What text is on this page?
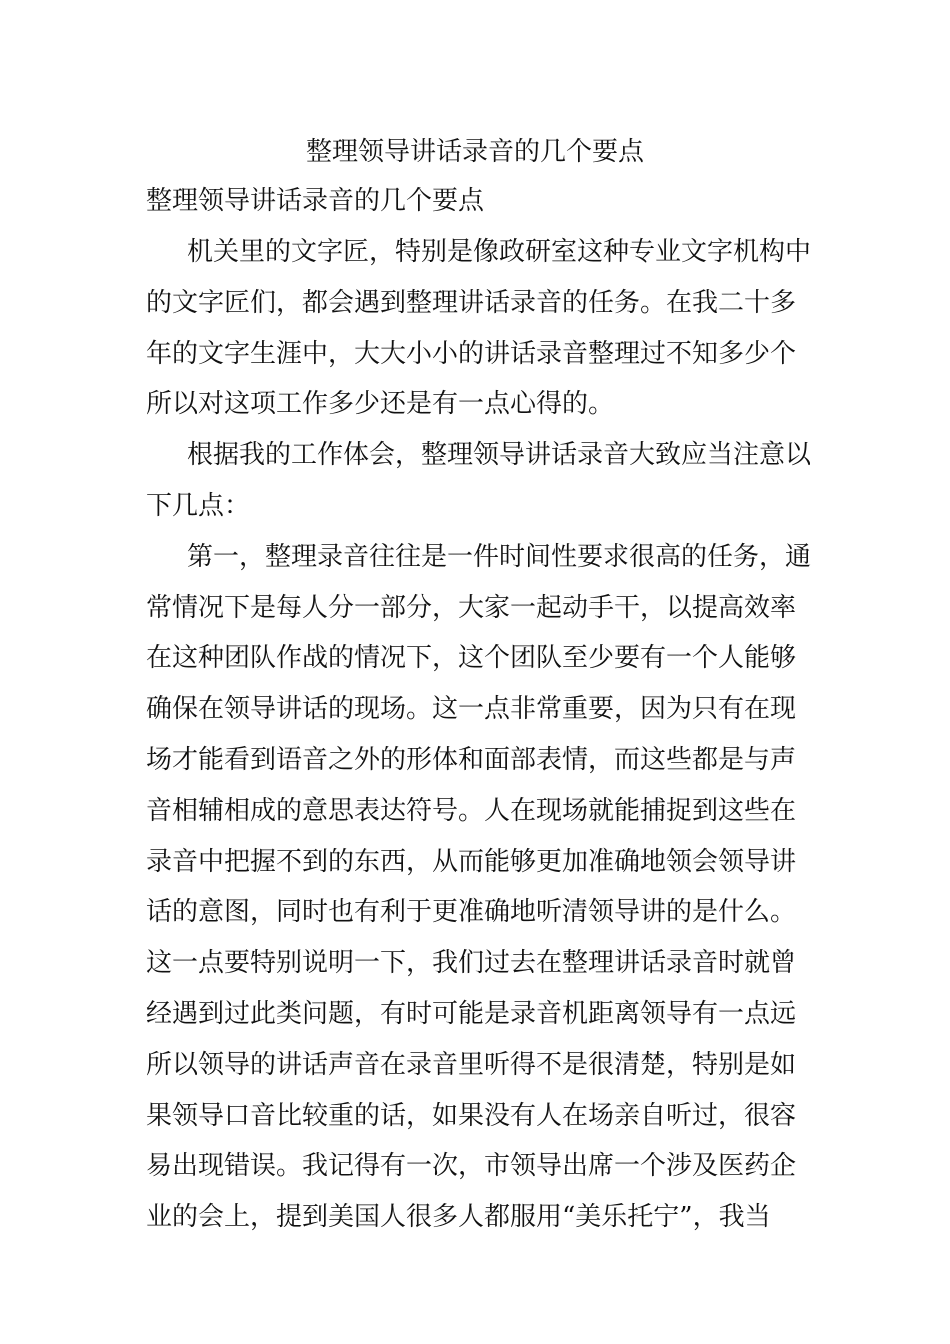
整理领导讲话录音的几个要点
整理领导讲话录音的几个要点
机关里的文字匠，特别是像政研室这种专业文字机构中
的文字匠们，都会遇到整理讲话录音的任务。在我二十多
年的文字生涯中，大大小小的讲话录音整理过不知多少个
所以对这项工作多少还是有一点心得的。
根据我的工作体会，整理领导讲话录音大致应当注意以
下几点：
第一，整理录音往往是一件时间性要求很高的任务，通
常情况下是每人分一部分，大家一起动手干，以提高效率
在这种团队作战的情况下，这个团队至少要有一个人能够
确保在领导讲话的现场。这一点非常重要，因为只有在现
场才能看到语音之外的形体和面部表情，而这些都是与声
音相辅相成的意思表达符号。人在现场就能捕捉到这些在
录音中把握不到的东西，从而能够更加准确地领会领导讲
话的意图，同时也有利于更准确地听清领导讲的是什么。
这一点要特别说明一下，我们过去在整理讲话录音时就曾
经遇到过此类问题，有时可能是录音机距离领导有一点远
所以领导的讲话声音在录音里听得不是很清楚，特别是如
果领导口音比较重的话，如果没有人在场亲自听过，很容
易出现错误。我记得有一次，市领导出席一个涉及医药企
业的会上，提到美国人很多人都服用“美乐托宁”，我当
